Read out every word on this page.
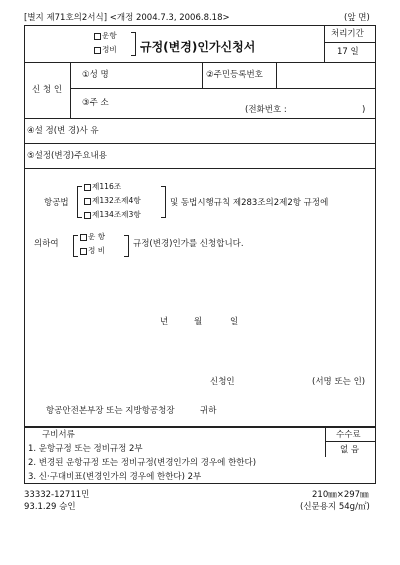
[별지 제71호의2서식] <개정 2004.7.3, 2006.8.18>	(앞 면)
운항
정비 규정(변경)인가신청서
처리기간
17 일
신 청 인
①성 명	②주민등록번호
③주 소
(전화번호 :	)
④설 정(변 경)사 유
⑤설정(변경)주요내용
항공법
제116조
제132조제4항
제134조제3항
및 동법시행규칙 제283조의2제2항 규정에
의하여
운 항
정 비
규정(변경)인가를 신청합니다.
년	월	일
신청인	(서명 또는 인)
항공안전본부장 또는 지방항공청장	귀하
구비서류
1. 운항규정 또는 정비규정 2부
2. 변경된 운항규정 또는 정비규정(변경인가의 경우에 한한다)
3. 신·구대비표(변경인가의 경우에 한한다) 2부
수수료
없 음
33332-12711민
93.1.29 승인
210㎜×297㎜
(신문용지 54g/㎡)
